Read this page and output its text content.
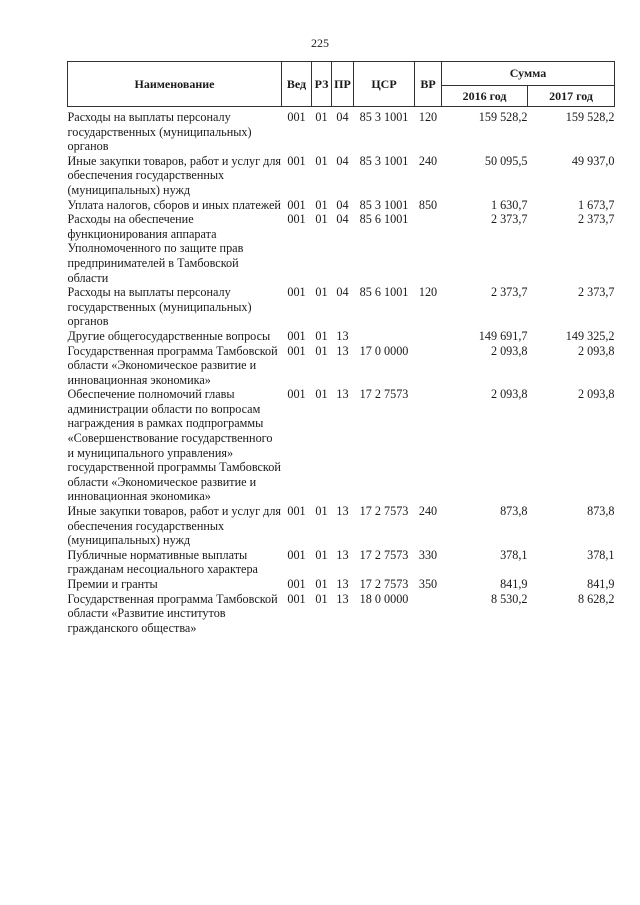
225
Наименование	Вед	РЗ	ПР	ЦСР	ВР	Сумма	
						2016 год	2017 год
Расходы на выплаты персоналу государственных (муниципальных) органов	001	01	04	85 3 1001	120	159 528,2	159 528,2
Иные закупки товаров, работ и услуг для обеспечения государственных (муниципальных) нужд	001	01	04	85 3 1001	240	50 095,5	49 937,0
Уплата налогов, сборов и иных платежей	001	01	04	85 3 1001	850	1 630,7	1 673,7
Расходы на обеспечение функционирования аппарата Уполномоченного по защите прав предпринимателей в Тамбовской области	001	01	04	85 6 1001		2 373,7	2 373,7
Расходы на выплаты персоналу государственных (муниципальных) органов	001	01	04	85 6 1001	120	2 373,7	2 373,7
Другие общегосударственные вопросы	001	01	13			149 691,7	149 325,2
Государственная программа Тамбовской области «Экономическое развитие и инновационная экономика»	001	01	13	17 0 0000		2 093,8	2 093,8
Обеспечение полномочий главы администрации области по вопросам награждения в рамках подпрограммы «Совершенствование государственного и муниципального управления» государственной программы Тамбовской области «Экономическое развитие и инновационная экономика»	001	01	13	17 2 7573		2 093,8	2 093,8
Иные закупки товаров, работ и услуг для обеспечения государственных (муниципальных) нужд	001	01	13	17 2 7573	240	873,8	873,8
Публичные нормативные выплаты гражданам несоциального характера	001	01	13	17 2 7573	330	378,1	378,1
Премии и гранты	001	01	13	17 2 7573	350	841,9	841,9
Государственная программа Тамбовской области «Развитие институтов гражданского общества»	001	01	13	18 0 0000		8 530,2	8 628,2
